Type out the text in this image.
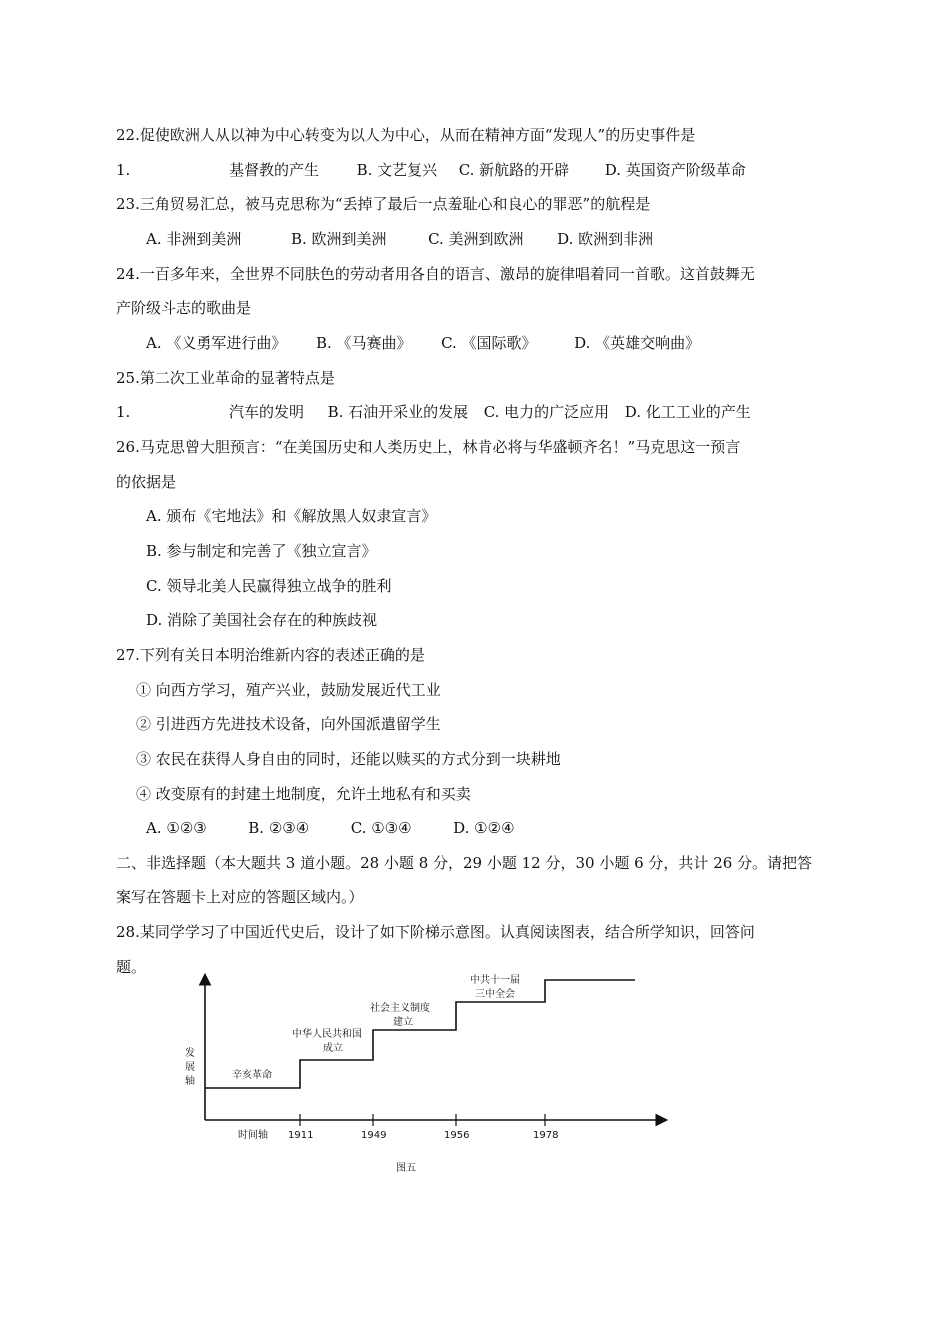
22.促使欧洲人从以神为中心转变为以人为中心，从而在精神方面“发现人”的历史事件是
1.	基督教的产生	B. 文艺复兴 C. 新航路的开辟 D. 英国资产阶级革命
23.三角贸易汇总，被马克思称为“丢掉了最后一点羞耻心和良心的罪恶”的航程是
A. 非洲到美洲	B. 欧洲到美洲	C. 美洲到欧洲 D. 欧洲到非洲
24.一百多年来，全世界不同肤色的劳动者用各自的语言、激昂的旋律唱着同一首歌。这首鼓舞无
产阶级斗志的歌曲是
A. 《义勇军进行曲》 B. 《马赛曲》 C. 《国际歌》	D. 《英雄交响曲》
25.第二次工业革命的显著特点是
1.	汽车的发明 B. 石油开采业的发展 C. 电力的广泛应用 D. 化工工业的产生
26.马克思曾大胆预言：“在美国历史和人类历史上，林肯必将与华盛顿齐名！”马克思这一预言
的依据是
A. 颁布《宅地法》和《解放黑人奴隶宣言》
B. 参与制定和完善了《独立宣言》
C. 领导北美人民赢得独立战争的胜利
D. 消除了美国社会存在的种族歧视
27.下列有关日本明治维新内容的表述正确的是
① 向西方学习，殖产兴业，鼓励发展近代工业
② 引进西方先进技术设备，向外国派遣留学生
③ 农民在获得人身自由的同时，还能以赎买的方式分到一块耕地
④ 改变原有的封建土地制度，允许土地私有和买卖
A. ①②③	B. ②③④	C. ①③④	D. ①②④
二、非选择题（本大题共 3 道小题。28 小题 8 分，29 小题 12 分，30 小题 6 分，共计 26 分。请把答
案写在答题卡上对应的答题区域内。）
28.某同学学习了中国近代史后，设计了如下阶梯示意图。认真阅读图表，结合所学知识，回答问
题。
发
展
轴
时间轴 1911	1949	1956	1978
辛亥革命
中华人民共和国
成立
社会主义制度
建立
中共十一届
三中全会
图五
